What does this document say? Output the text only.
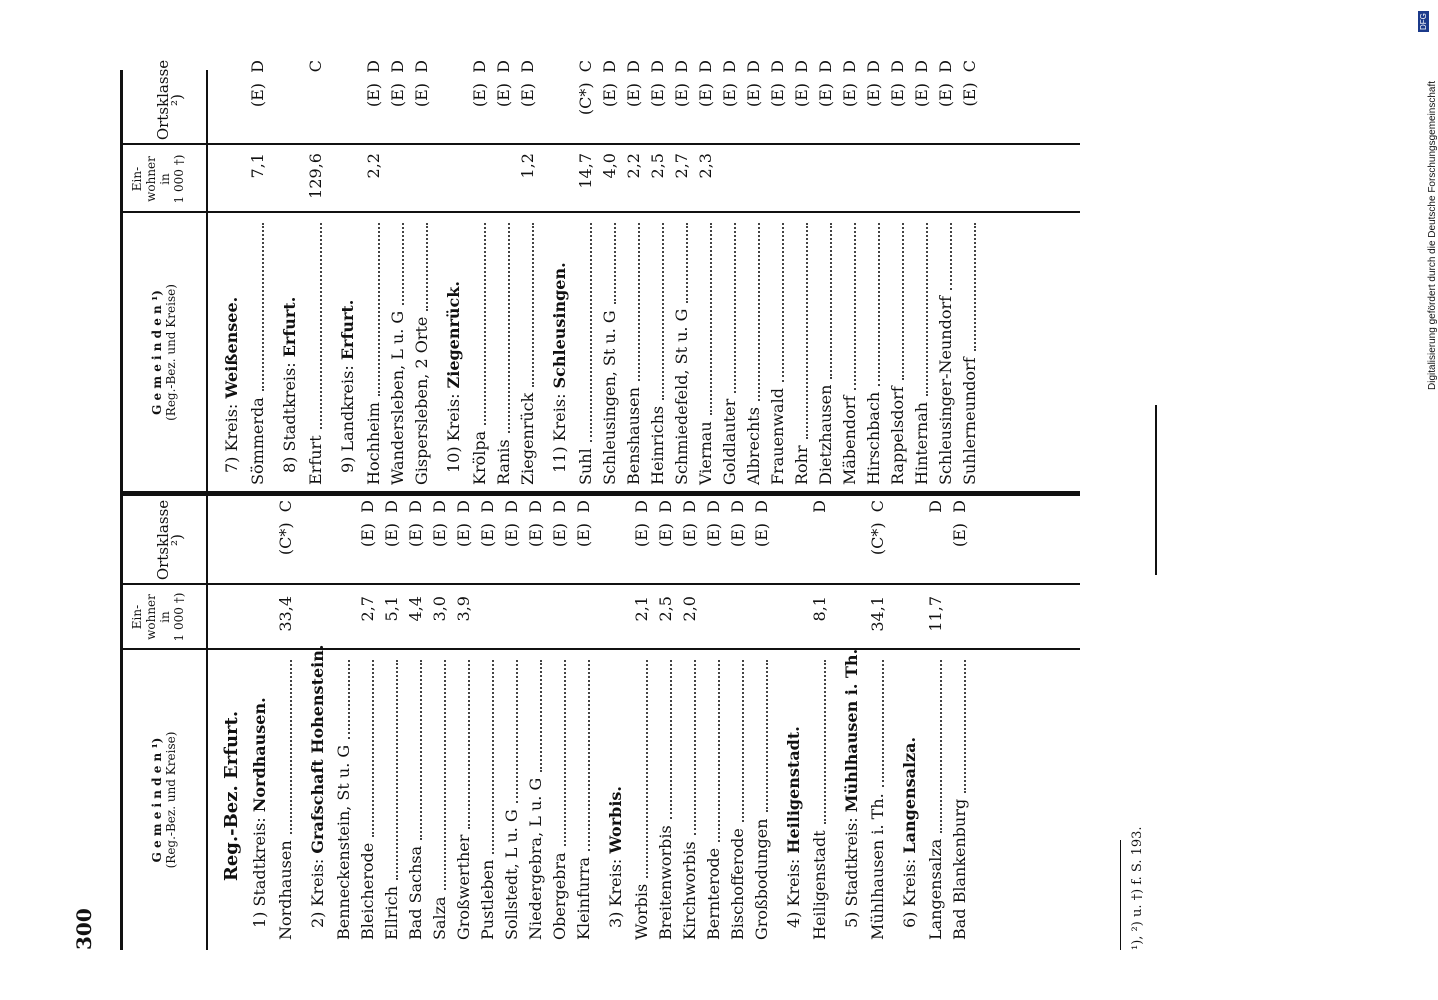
G e m e i n d e n ¹) (Reg.-Bez. und Kreise)
Ein-
wohner
in
1 000 †)
Ortsklasse ²)
G e m e i n d e n ¹) (Reg.-Bez. und Kreise)
Ein-
wohner
in
1 000 †)
Ortsklasse ²)
Reg.-Bez. Erfurt. 1) Stadtkreis: Nordhausen.
Nordhausen
33,4
(C*)  C
2) Kreis: Grafschaft Hohenstein. Benneckenstein, St u. G Bleicherode
2,7
(E)  D
Ellrich
5,1
(E)  D
Bad Sachsa
4,4
(E)  D
Salza
3,0
(E)  D
Großwerther
3,9
(E)  D
Pustleben
(E)  D
Sollstedt, L u. G
(E)  D
Niedergebra, L u. G
(E)  D
Obergebra
(E)  D
Kleinfurra
(E)  D
3) Kreis: Worbis.
Worbis
2,1
(E)  D
Breitenworbis
2,5
(E)  D
Kirchworbis
2,0
(E)  D
Bernterode
(E)  D
Bischofferode
(E)  D
Großbodungen
(E)  D
4) Kreis: Heiligenstadt.
Heiligenstadt
8,1
D
5) Stadtkreis: Mühlhausen i. Th.
Mühlhausen i. Th.
34,1
(C*)  C
6) Kreis: Langensalza.
Langensalza
11,7
D
Bad Blankenburg
(E)  D
7) Kreis: Weißensee.
Sömmerda
7,1
(E)  D
8) Stadtkreis: Erfurt.
Erfurt
129,6
C
9) Landkreis: Erfurt.
Hochheim
2,2
(E)  D
Wandersleben, L u. G
(E)  D
Gispersleben, 2 Orte
(E)  D
10) Kreis: Ziegenrück.
Krölpa
(E)  D
Ranis
(E)  D
Ziegenrück
1,2
(E)  D
11) Kreis: Schleusingen.
Suhl
14,7
(C*)  C
Schleusingen, St u. G
4,0
(E)  D
Benshausen
2,2
(E)  D
Heinrichs
2,5
(E)  D
Schmiedefeld, St u. G
2,7
(E)  D
Viernau
2,3
(E)  D
Goldlauter
(E)  D
Albrechts
(E)  D
Frauenwald
(E)  D
Rohr
(E)  D
Dietzhausen
(E)  D
Mäbendorf
(E)  D
Hirschbach
(E)  D
Rappelsdorf
(E)  D
Hinternah
(E)  D
Schleusinger-Neundorf
(E)  D
Suhlerneundorf
(E)  C
¹), ²) u. †) f. S. 193.
300
Digitalisierung gefördert durch die Deutsche Forschungsgemeinschaft
DFG
